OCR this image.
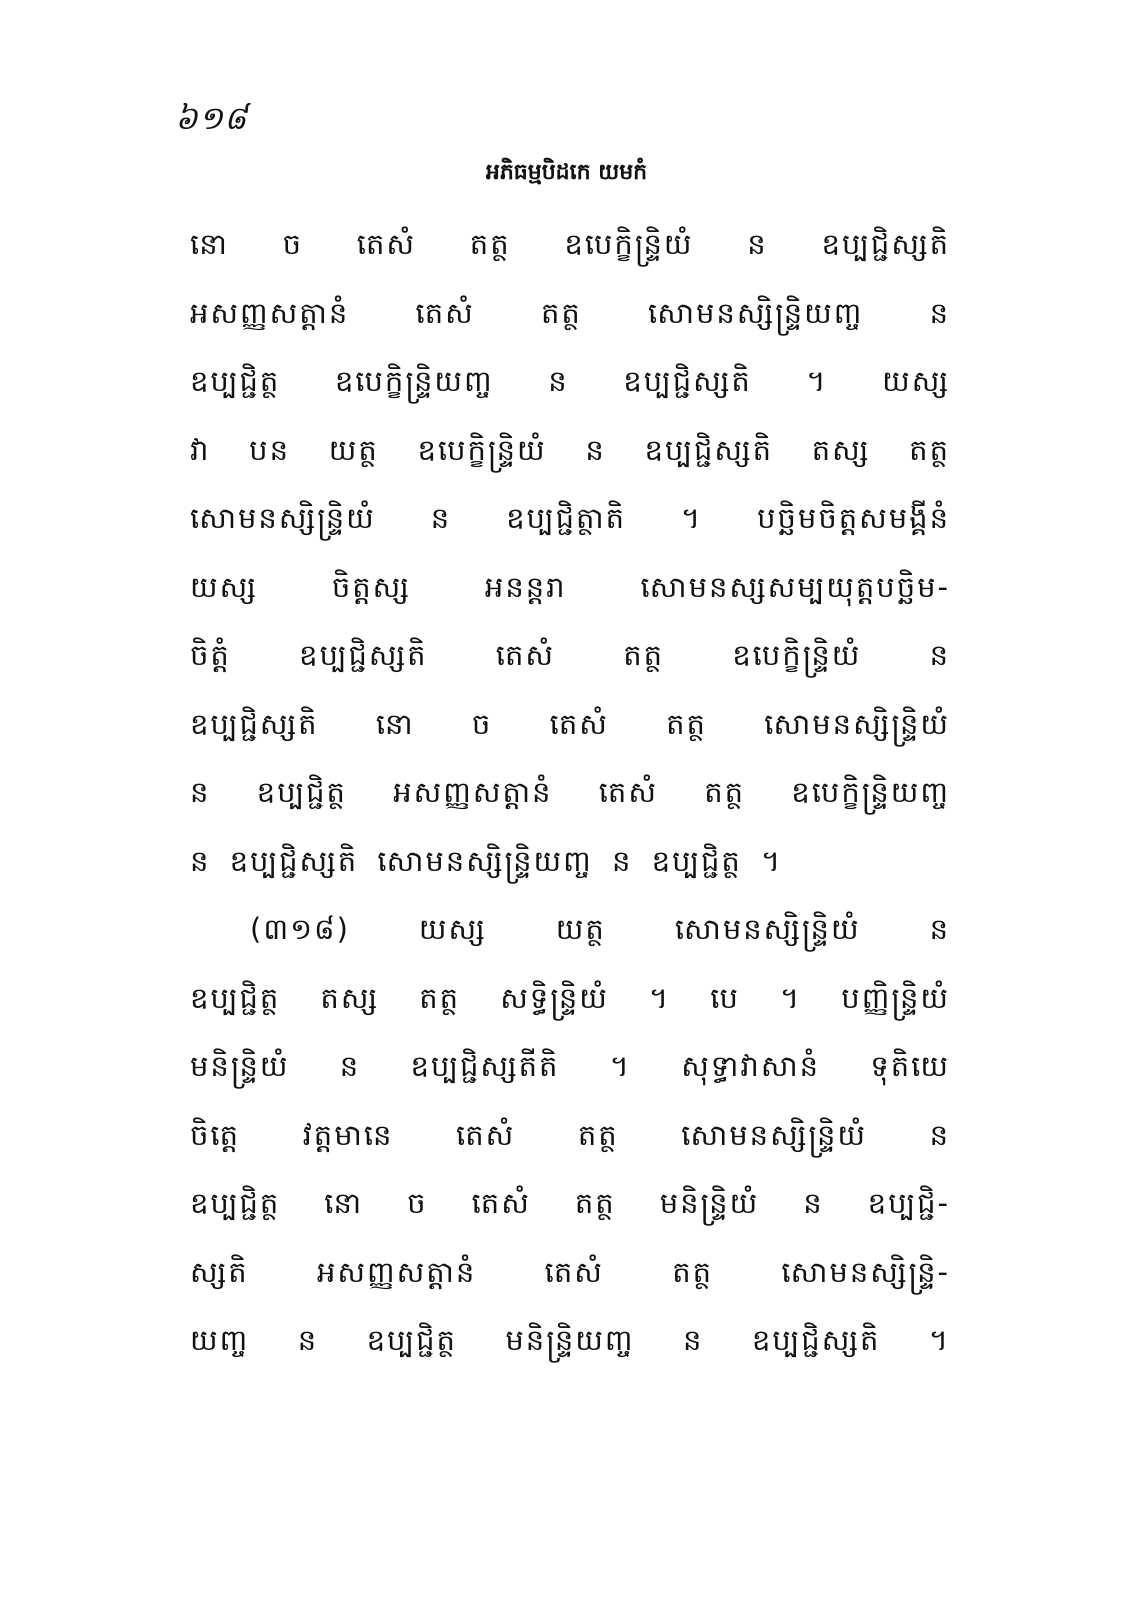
៦១៨
អភិធម្មបិដកេ យមកំ
នោ ច តេសំ តត្ថ ឧបេក្ខិន្ទ្រិយំ ន ឧប្បជ្ជិស្សតិ
អសញ្ញសត្តានំ តេសំ តត្ថ សោមនស្សិន្ទ្រិយញ្ច ន
ឧប្បជ្ជិត្ថ ឧបេក្ខិន្ទ្រិយញ្ច ន ឧប្បជ្ជិស្សតិ ។ យស្ស
វា បន យត្ថ ឧបេក្ខិន្ទ្រិយំ ន ឧប្បជ្ជិស្សតិ តស្ស តត្ថ
សោមនស្សិន្ទ្រិយំ ន ឧប្បជ្ជិត្ថាតិ ។ បច្ឆិមចិត្តសមង្គីនំ
យស្ស ចិត្តស្ស អនន្តរា សោមនស្សសម្បយុត្តបច្ឆិម-
ចិត្តំ ឧប្បជ្ជិស្សតិ តេសំ តត្ថ ឧបេក្ខិន្ទ្រិយំ ន
ឧប្បជ្ជិស្សតិ នោ ច តេសំ តត្ថ សោមនស្សិន្ទ្រិយំ
ន ឧប្បជ្ជិត្ថ អសញ្ញសត្តានំ តេសំ តត្ថ ឧបេក្ខិន្ទ្រិយញ្ច
ន ឧប្បជ្ជិស្សតិ សោមនស្សិន្ទ្រិយញ្ច ន ឧប្បជ្ជិត្ថ ។
(៣១៨) យស្ស យត្ថ សោមនស្សិន្ទ្រិយំ ន
ឧប្បជ្ជិត្ថ តស្ស តត្ថ សទ្ធិន្ទ្រិយំ ។ បេ ។ បញ្ញិន្ទ្រិយំ
មនិន្ទ្រិយំ ន ឧប្បជ្ជិស្សតីតិ ។ សុទ្ធាវាសានំ ទុតិយេ
ចិត្តេ វត្តមានេ តេសំ តត្ថ សោមនស្សិន្ទ្រិយំ ន
ឧប្បជ្ជិត្ថ នោ ច តេសំ តត្ថ មនិន្ទ្រិយំ ន ឧប្បជ្ជិ-
ស្សតិ អសញ្ញសត្តានំ តេសំ តត្ថ សោមនស្សិន្ទ្រិ-
យញ្ច ន ឧប្បជ្ជិត្ថ មនិន្ទ្រិយញ្ច ន ឧប្បជ្ជិស្សតិ ។
